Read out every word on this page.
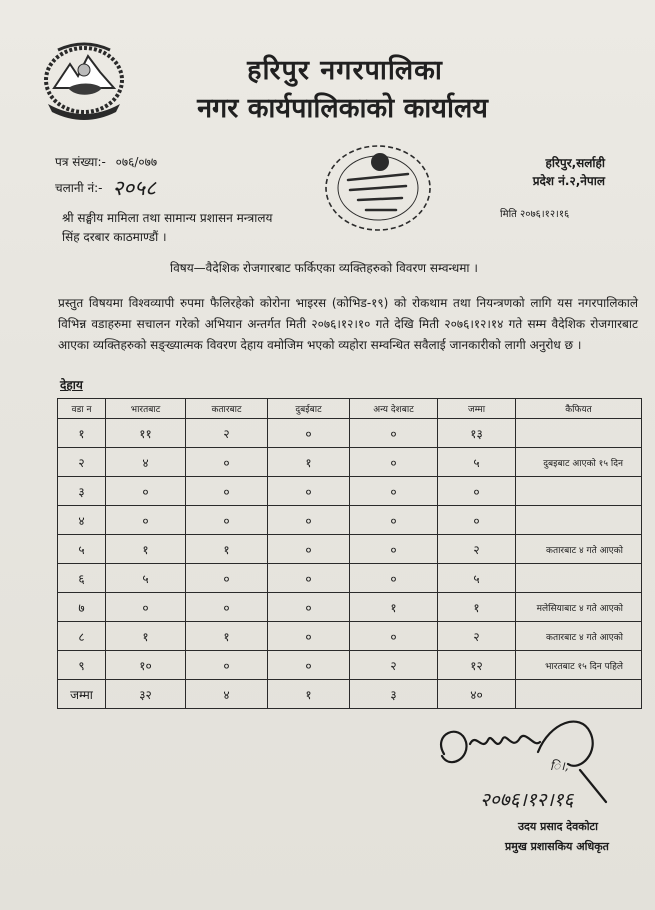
हरिपुर नगरपालिका
नगर कार्यपालिकाको कार्यालय
पत्र संख्या:- ०७६/०७७
चलानी नं:- २०५८
हरिपुर,सर्लाही
प्रदेश नं.२,नेपाल
मिति २०७६।१२।१६
श्री सङ्घीय मामिला तथा सामान्य प्रशासन मन्त्रालय
सिंह दरबार काठमाण्डौं ।
विषय—वैदेशिक रोजगारबाट फर्किएका व्यक्तिहरुको विवरण सम्वन्धमा ।
प्रस्तुत विषयमा विश्वव्यापी रुपमा फैलिरहेको कोरोना भाइरस (कोभिड-१९) को रोकथाम तथा नियन्त्रणको लागि यस नगरपालिकाले विभिन्न वडाहरुमा सचालन गरेको अभियान अन्तर्गत मिती २०७६।१२।१० गते देखि मिती २०७६।१२।१४ गते सम्म वैदेशिक रोजगारबाट आएका व्यक्तिहरुको सङ्ख्यात्मक विवरण देहाय वमोजिम भएको व्यहोरा सम्वन्धित सवैलाई जानकारीको लागी अनुरोध छ ।
देहाय
वडा न	भारतबाट	कतारबाट	दुबईबाट	अन्य देशबाट	जम्मा	कैफियत
१	११	२	०	०	१३	
२	४	०	१	०	५	दुबइबाट आएको १५ दिन
३	०	०	०	०	०	
४	०	०	०	०	०	
५	१	१	०	०	२	कतारबाट ४ गते आएको
६	५	०	०	०	५	
७	०	०	०	१	१	मलेसियाबाट ४ गते आएको
८	१	१	०	०	२	कतारबाट ४ गते आएको
९	१०	०	०	२	१२	भारतबाट १५ दिन पहिले
जम्मा	३२	४	१	३	४०	
ि।,
२०७६।१२।१६
उदय प्रसाद देवकोटा
प्रमुख प्रशासकिय अधिकृत
